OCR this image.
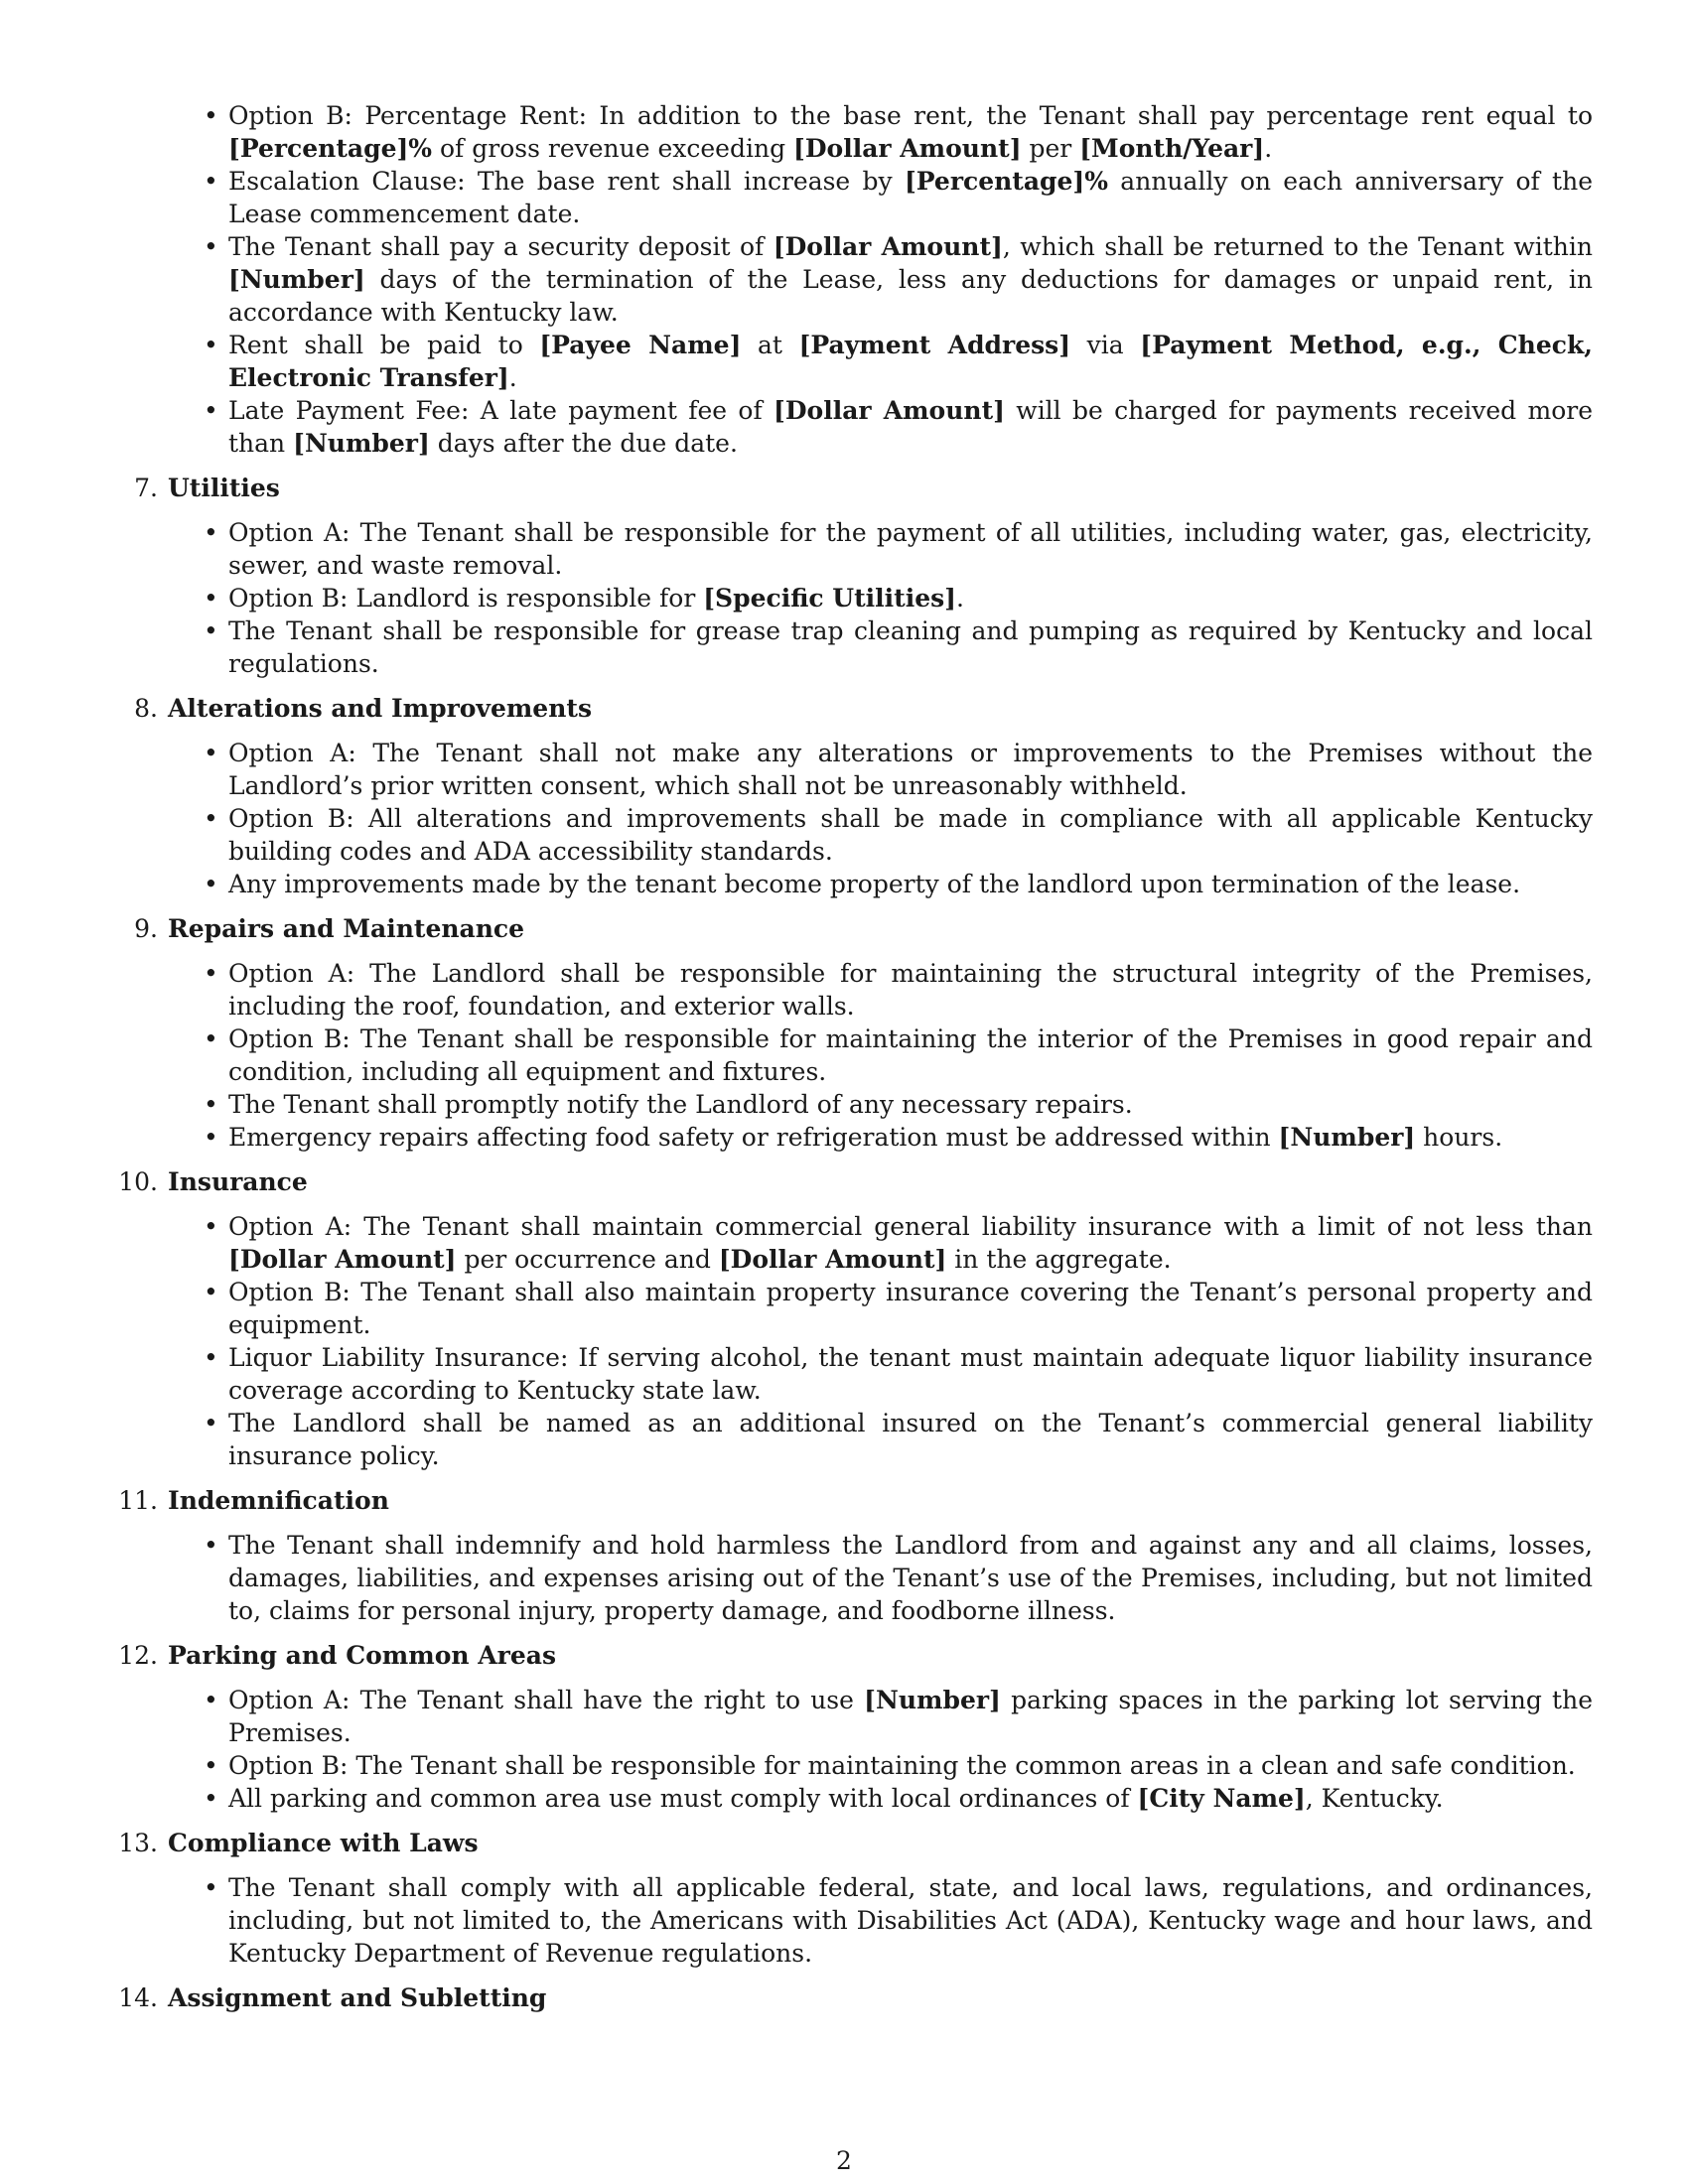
• Option B: Percentage Rent: In addition to the base rent, the Tenant shall pay percentage rent equal to [Percentage]% of gross revenue exceeding [Dollar Amount] per [Month/Year].
• Escalation Clause: The base rent shall increase by [Percentage]% annually on each anniversary of the Lease commencement date.
• The Tenant shall pay a security deposit of [Dollar Amount], which shall be returned to the Tenant within [Number] days of the termination of the Lease, less any deductions for damages or unpaid rent, in accordance with Kentucky law.
• Rent shall be paid to [Payee Name] at [Payment Address] via [Payment Method, e.g., Check, Electronic Transfer].
• Late Payment Fee: A late payment fee of [Dollar Amount] will be charged for payments received more than [Number] days after the due date.
7. Utilities
• Option A: The Tenant shall be responsible for the payment of all utilities, including water, gas, electricity, sewer, and waste removal.
• Option B: Landlord is responsible for [Specific Utilities].
• The Tenant shall be responsible for grease trap cleaning and pumping as required by Kentucky and local regulations.
8. Alterations and Improvements
• Option A: The Tenant shall not make any alterations or improvements to the Premises without the Landlord’s prior written consent, which shall not be unreasonably withheld.
• Option B: All alterations and improvements shall be made in compliance with all applicable Kentucky building codes and ADA accessibility standards.
• Any improvements made by the tenant become property of the landlord upon termination of the lease.
9. Repairs and Maintenance
• Option A: The Landlord shall be responsible for maintaining the structural integrity of the Premises, including the roof, foundation, and exterior walls.
• Option B: The Tenant shall be responsible for maintaining the interior of the Premises in good repair and condition, including all equipment and fixtures.
• The Tenant shall promptly notify the Landlord of any necessary repairs.
• Emergency repairs affecting food safety or refrigeration must be addressed within [Number] hours.
10. Insurance
• Option A: The Tenant shall maintain commercial general liability insurance with a limit of not less than [Dollar Amount] per occurrence and [Dollar Amount] in the aggregate.
• Option B: The Tenant shall also maintain property insurance covering the Tenant’s personal property and equipment.
• Liquor Liability Insurance: If serving alcohol, the tenant must maintain adequate liquor liability insurance coverage according to Kentucky state law.
• The Landlord shall be named as an additional insured on the Tenant’s commercial general liability insurance policy.
11. Indemnification
• The Tenant shall indemnify and hold harmless the Landlord from and against any and all claims, losses, damages, liabilities, and expenses arising out of the Tenant’s use of the Premises, including, but not limited to, claims for personal injury, property damage, and foodborne illness.
12. Parking and Common Areas
• Option A: The Tenant shall have the right to use [Number] parking spaces in the parking lot serving the Premises.
• Option B: The Tenant shall be responsible for maintaining the common areas in a clean and safe condition.
• All parking and common area use must comply with local ordinances of [City Name], Kentucky.
13. Compliance with Laws
• The Tenant shall comply with all applicable federal, state, and local laws, regulations, and ordinances, including, but not limited to, the Americans with Disabilities Act (ADA), Kentucky wage and hour laws, and Kentucky Department of Revenue regulations.
14. Assignment and Subletting
2
